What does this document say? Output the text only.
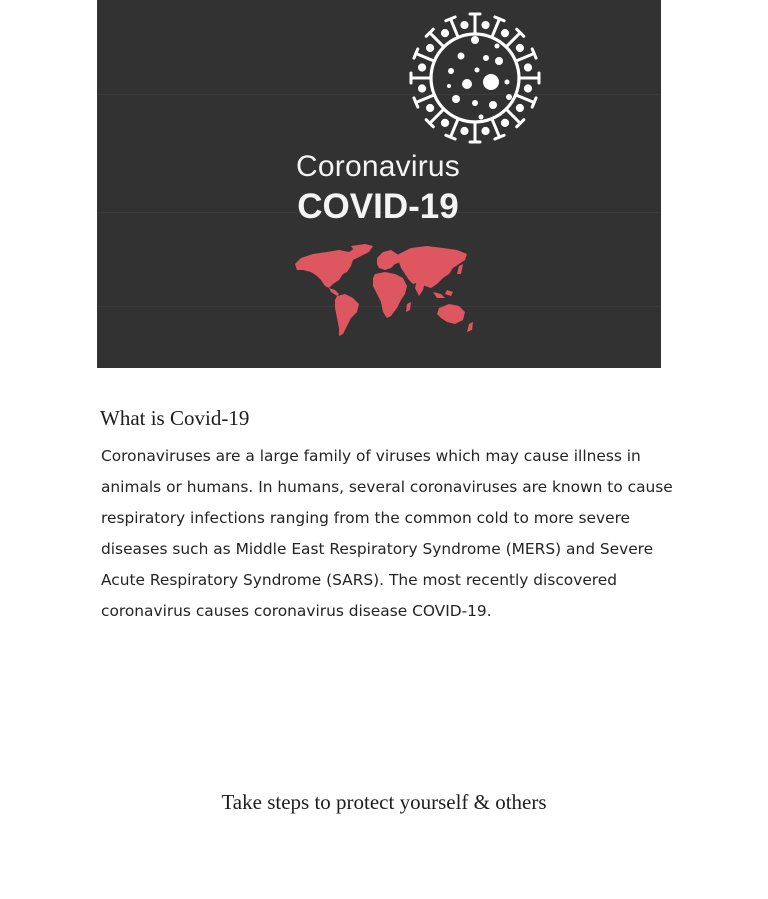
Coronavirus
COVID-19
What is Covid-19

Coronaviruses are a large family of viruses which may cause illness in
animals or humans. In humans, several coronaviruses are known to cause
respiratory infections ranging from the common cold to more severe
diseases such as Middle East Respiratory Syndrome (MERS) and Severe
Acute Respiratory Syndrome (SARS). The most recently discovered
coronavirus causes coronavirus disease COVID-19.

Take steps to protect yourself & others
